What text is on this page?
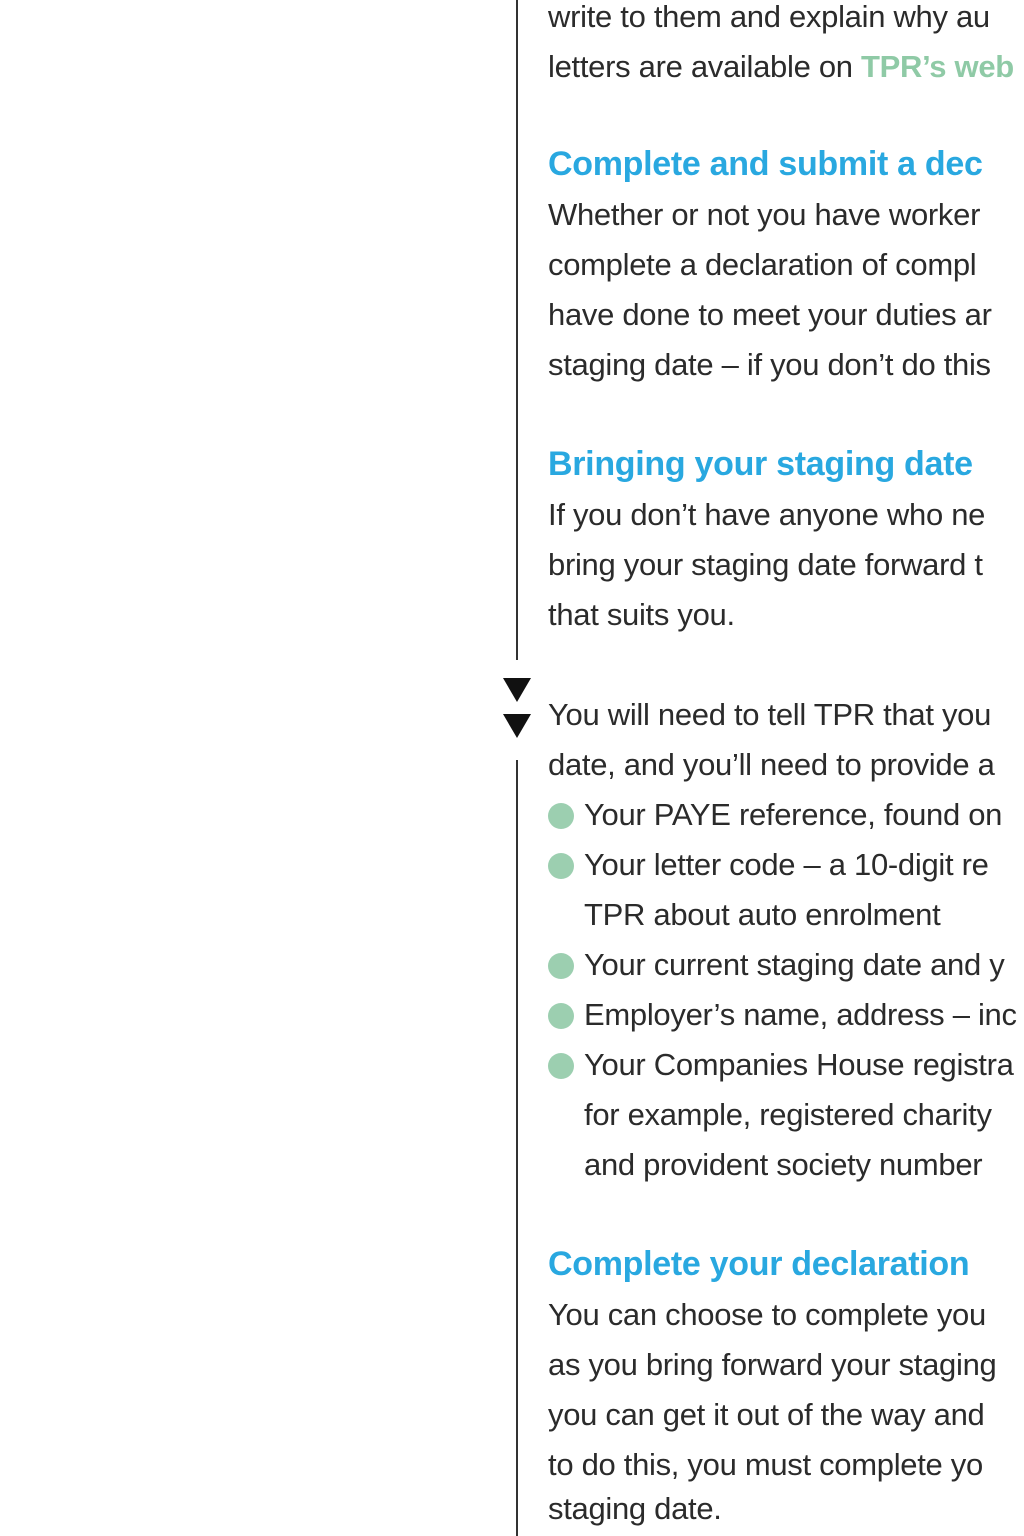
write to them and explain why au
letters are available on TPR’s web
Complete and submit a dec
Whether or not you have worker
complete a declaration of compl
have done to meet your duties ar
staging date – if you don’t do this
Bringing your staging date
If you don’t have anyone who ne
bring your staging date forward t
that suits you.
You will need to tell TPR that you
date, and you’ll need to provide a
Your PAYE reference, found on
Your letter code – a 10-digit re
TPR about auto enrolment
Your current staging date and y
Employer’s name, address – inc
Your Companies House registra
for example, registered charity
and provident society number
Complete your declaration
You can choose to complete you
as you bring forward your staging
you can get it out of the way and
to do this, you must complete yo
staging date.
